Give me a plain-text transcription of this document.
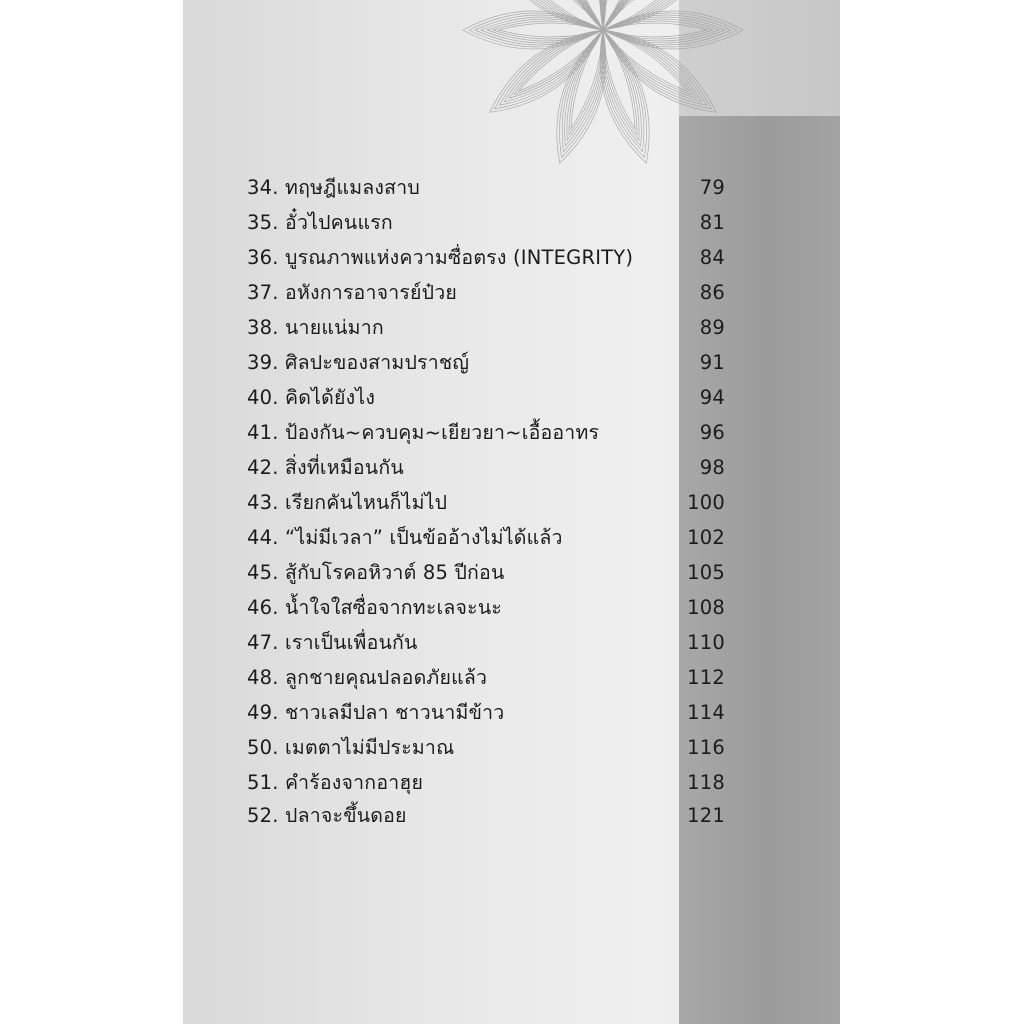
34. ทฤษฎีแมลงสาบ	79
35. อั๋วไปคนแรก	81
36. บูรณภาพแห่งความซื่อตรง (INTEGRITY)	84
37. อหังการอาจารย์ป๋วย	86
38. นายแน่มาก	89
39. ศิลปะของสามปราชญ์	91
40. คิดได้ยังไง	94
41. ป้องกัน~ควบคุม~เยียวยา~เอื้ออาทร	96
42. สิ่งที่เหมือนกัน	98
43. เรียกคันไหนก็ไม่ไป	100
44. “ไม่มีเวลา” เป็นข้ออ้างไม่ได้แล้ว	102
45. สู้กับโรคอหิวาต์ 85 ปีก่อน	105
46. น้ำใจใสซื่อจากทะเลจะนะ	108
47. เราเป็นเพื่อนกัน	110
48. ลูกชายคุณปลอดภัยแล้ว	112
49. ชาวเลมีปลา ชาวนามีข้าว	114
50. เมตตาไม่มีประมาณ	116
51. คำร้องจากอาฮุย	118
52. ปลาจะขึ้นดอย	121
